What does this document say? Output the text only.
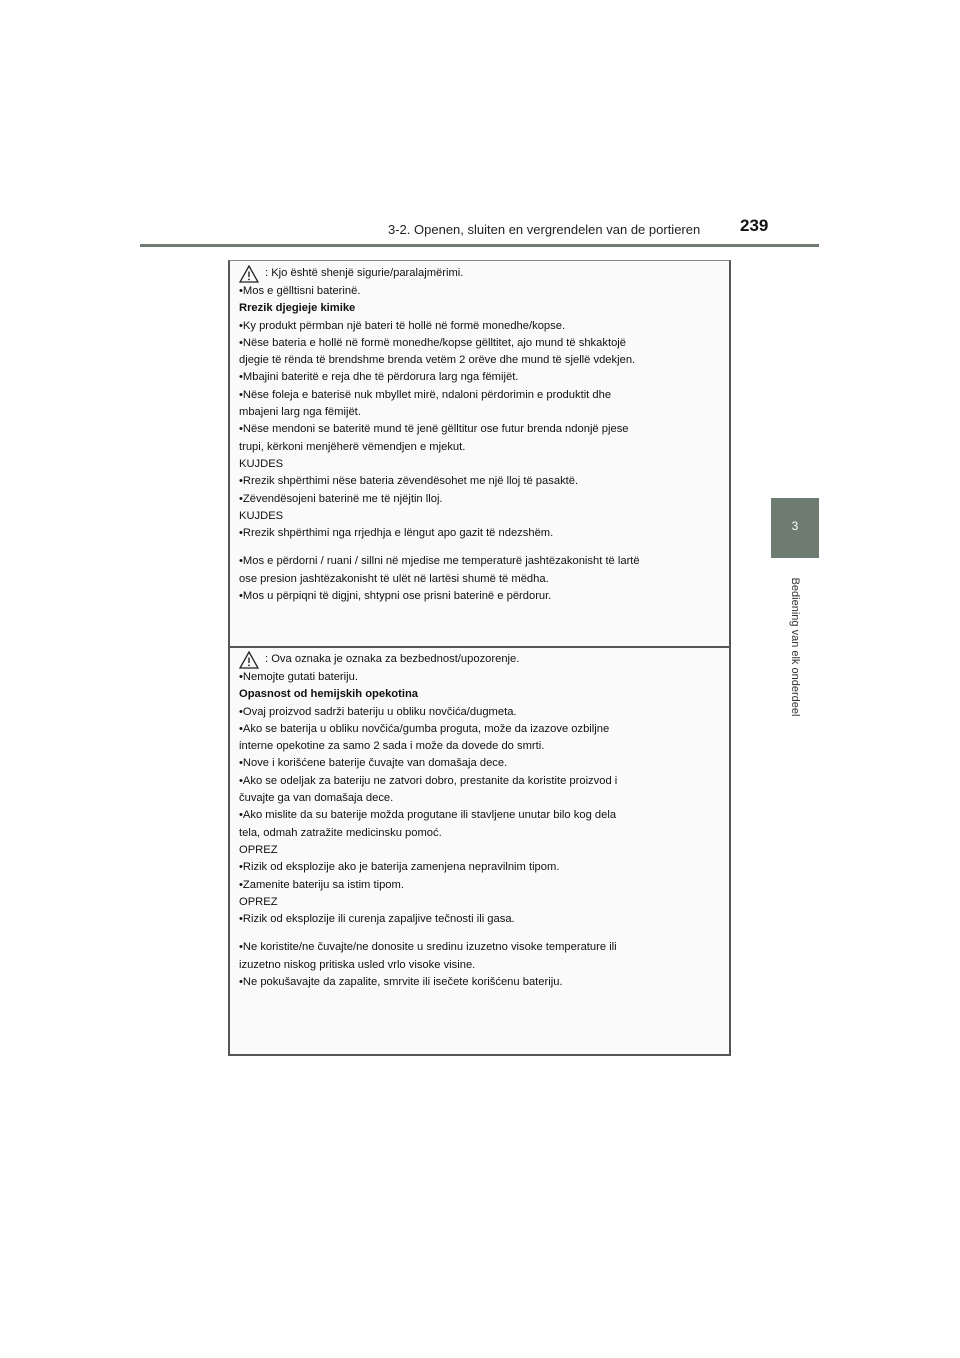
3-2. Openen, sluiten en vergrendelen van de portieren 239
3
Bediening van elk onderdeel
: Kjo është shenjë sigurie/paralajmërimi.
•Mos e gëlltisni baterinë.
Rrezik djegieje kimike
•Ky produkt përmban një bateri të hollë në formë monedhe/kopse.
•Nëse bateria e hollë në formë monedhe/kopse gëlltitet, ajo mund të shkaktojë
djegie të rënda të brendshme brenda vetëm 2 orëve dhe mund të sjellë vdekjen.
•Mbajini bateritë e reja dhe të përdorura larg nga fëmijët.
•Nëse foleja e baterisë nuk mbyllet mirë, ndaloni përdorimin e produktit dhe
mbajeni larg nga fëmijët.
•Nëse mendoni se bateritë mund të jenë gëlltitur ose futur brenda ndonjë pjese
trupi, kërkoni menjëherë vëmendjen e mjekut.
KUJDES
•Rrezik shpërthimi nëse bateria zëvendësohet me një lloj të pasaktë.
•Zëvendësojeni baterinë me të njëjtin lloj.
KUJDES
•Rrezik shpërthimi nga rrjedhja e lëngut apo gazit të ndezshëm.
•Mos e përdorni / ruani / sillni në mjedise me temperaturë jashtëzakonisht të lartë
ose presion jashtëzakonisht të ulët në lartësi shumë të mëdha.
•Mos u përpiqni të digjni, shtypni ose prisni baterinë e përdorur.
: Ova oznaka je oznaka za bezbednost/upozorenje.
•Nemojte gutati bateriju.
Opasnost od hemijskih opekotina
•Ovaj proizvod sadrži bateriju u obliku novčića/dugmeta.
•Ako se baterija u obliku novčića/gumba proguta, može da izazove ozbiljne
interne opekotine za samo 2 sada i može da dovede do smrti.
•Nove i korišćene baterije čuvajte van domašaja dece.
•Ako se odeljak za bateriju ne zatvori dobro, prestanite da koristite proizvod i
čuvajte ga van domašaja dece.
•Ako mislite da su baterije možda progutane ili stavljene unutar bilo kog dela
tela, odmah zatražite medicinsku pomoć.
OPREZ
•Rizik od eksplozije ako je baterija zamenjena nepravilnim tipom.
•Zamenite bateriju sa istim tipom.
OPREZ
•Rizik od eksplozije ili curenja zapaljive tečnosti ili gasa.
•Ne koristite/ne čuvajte/ne donosite u sredinu izuzetno visoke temperature ili
izuzetno niskog pritiska usled vrlo visoke visine.
•Ne pokušavajte da zapalite, smrvite ili isečete korišćenu bateriju.
